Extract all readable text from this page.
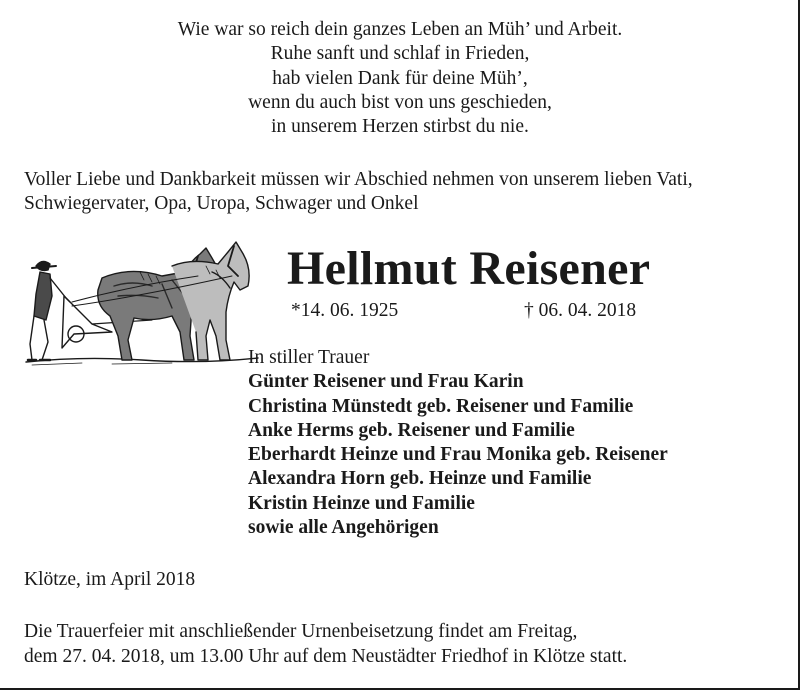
Wie war so reich dein ganzes Leben an Müh’ und Arbeit.
Ruhe sanft und schlaf in Frieden,
hab vielen Dank für deine Müh’,
wenn du auch bist von uns geschieden,
in unserem Herzen stirbst du nie.
Voller Liebe und Dankbarkeit müssen wir Abschied nehmen von unserem lieben Vati,
Schwiegervater, Opa, Uropa, Schwager und Onkel
Hellmut Reisener
*14. 06. 1925	† 06. 04. 2018
In stiller Trauer
Günter Reisener und Frau Karin
Christina Münstedt geb. Reisener und Familie
Anke Herms geb. Reisener und Familie
Eberhardt Heinze und Frau Monika geb. Reisener
Alexandra Horn geb. Heinze und Familie
Kristin Heinze und Familie
sowie alle Angehörigen
Klötze, im April 2018
Die Trauerfeier mit anschließender Urnenbeisetzung findet am Freitag,
dem 27. 04. 2018, um 13.00 Uhr auf dem Neustädter Friedhof in Klötze statt.
